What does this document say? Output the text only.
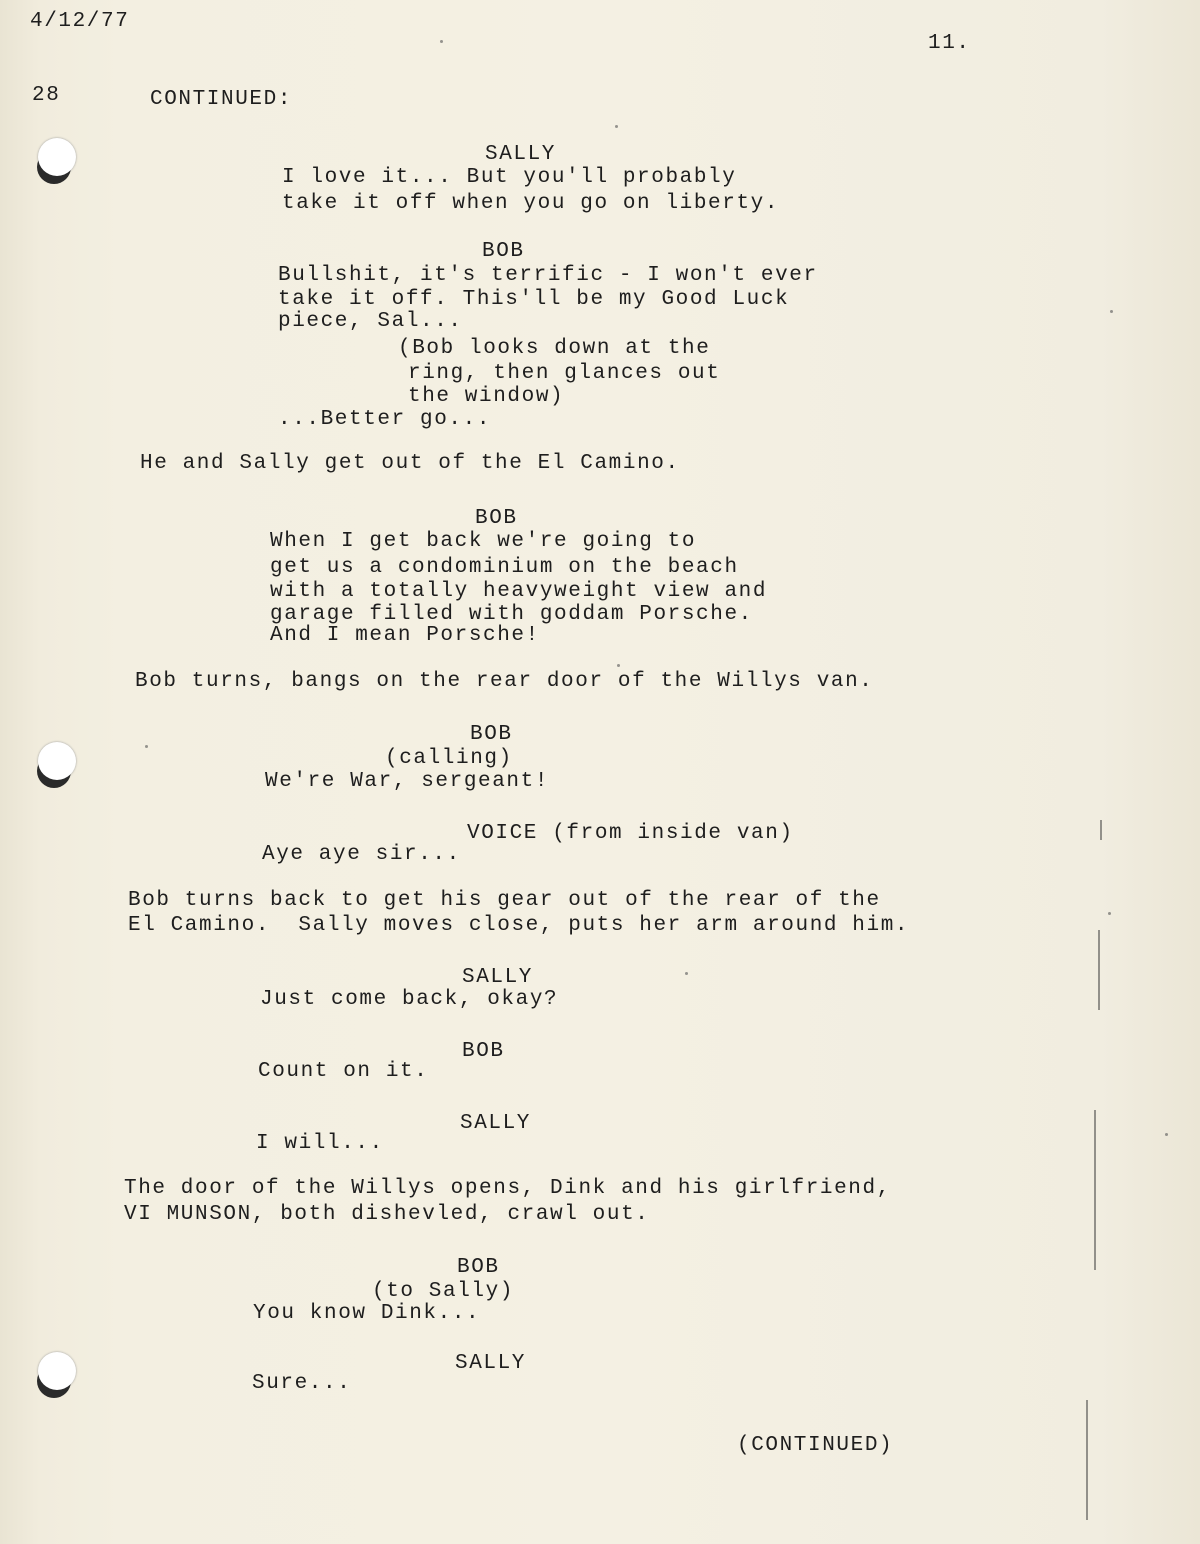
4/12/77
11.
28	CONTINUED:
SALLY
I love it... But you'll probably
take it off when you go on liberty.
BOB
Bullshit, it's terrific - I won't ever
take it off. This'll be my Good Luck
piece, Sal...
(Bob looks down at the
ring, then glances out
the window)
...Better go...
He and Sally get out of the El Camino.
BOB
When I get back we're going to
get us a condominium on the beach
with a totally heavyweight view and
garage filled with goddam Porsche.
And I mean Porsche!
Bob turns, bangs on the rear door of the Willys van.
BOB
(calling)
We're War, sergeant!
VOICE (from inside van)
Aye aye sir...
Bob turns back to get his gear out of the rear of the
El Camino.  Sally moves close, puts her arm around him.
SALLY
Just come back, okay?
BOB
Count on it.
SALLY
I will...
The door of the Willys opens, Dink and his girlfriend,
VI MUNSON, both dishevled, crawl out.
BOB
(to Sally)
You know Dink...
SALLY
Sure...
(CONTINUED)
